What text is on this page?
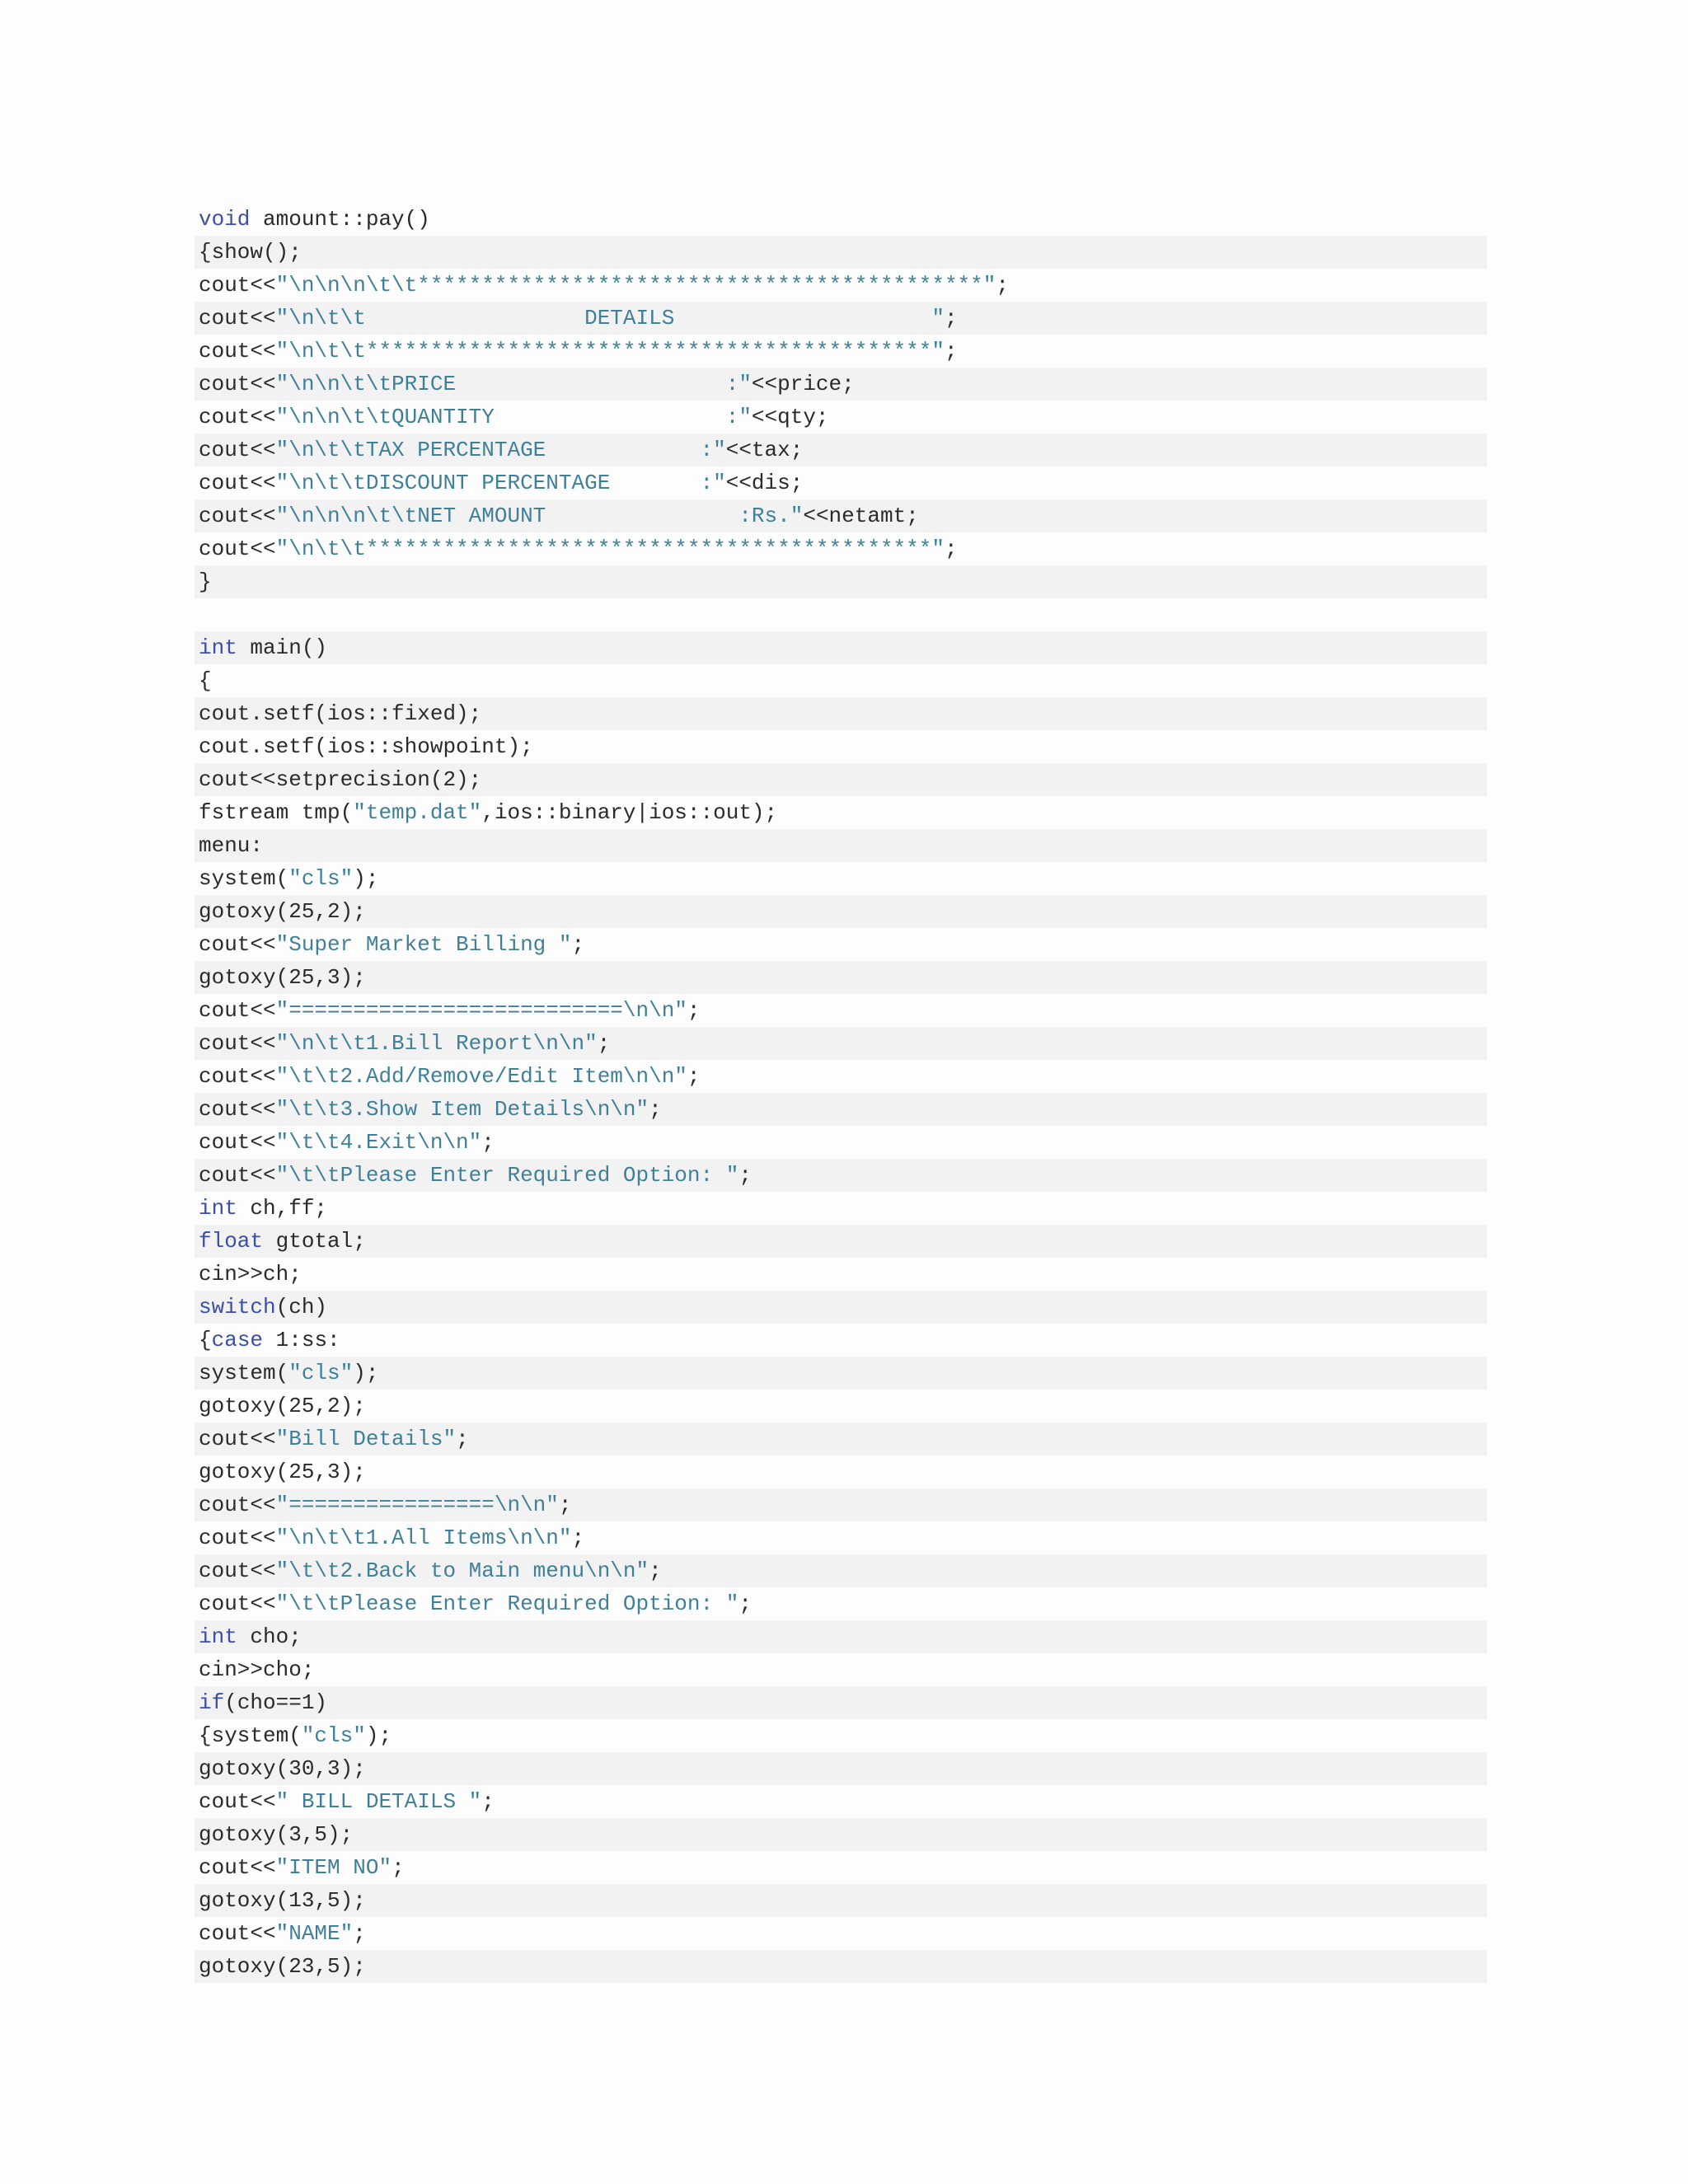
void amount::pay()
{show();
cout<<"\n\n\n\t\t********************************************";
cout<<"\n\t\t                 DETAILS                    ";
cout<<"\n\t\t********************************************";
cout<<"\n\n\t\tPRICE                     :"<<price;
cout<<"\n\n\t\tQUANTITY                  :"<<qty;
cout<<"\n\t\tTAX PERCENTAGE            :"<<tax;
cout<<"\n\t\tDISCOUNT PERCENTAGE       :"<<dis;
cout<<"\n\n\n\t\tNET AMOUNT               :Rs."<<netamt;
cout<<"\n\t\t********************************************";
}
int main()
{
cout.setf(ios::fixed);
cout.setf(ios::showpoint);
cout<<setprecision(2);
fstream tmp("temp.dat",ios::binary|ios::out);
menu:
system("cls");
gotoxy(25,2);
cout<<"Super Market Billing ";
gotoxy(25,3);
cout<<"==========================\n\n";
cout<<"\n\t\t1.Bill Report\n\n";
cout<<"\t\t2.Add/Remove/Edit Item\n\n";
cout<<"\t\t3.Show Item Details\n\n";
cout<<"\t\t4.Exit\n\n";
cout<<"\t\tPlease Enter Required Option: ";
int ch,ff;
float gtotal;
cin>>ch;
switch(ch)
{case 1:ss:
system("cls");
gotoxy(25,2);
cout<<"Bill Details";
gotoxy(25,3);
cout<<"================\n\n";
cout<<"\n\t\t1.All Items\n\n";
cout<<"\t\t2.Back to Main menu\n\n";
cout<<"\t\tPlease Enter Required Option: ";
int cho;
cin>>cho;
if(cho==1)
{system("cls");
gotoxy(30,3);
cout<<" BILL DETAILS ";
gotoxy(3,5);
cout<<"ITEM NO";
gotoxy(13,5);
cout<<"NAME";
gotoxy(23,5);
